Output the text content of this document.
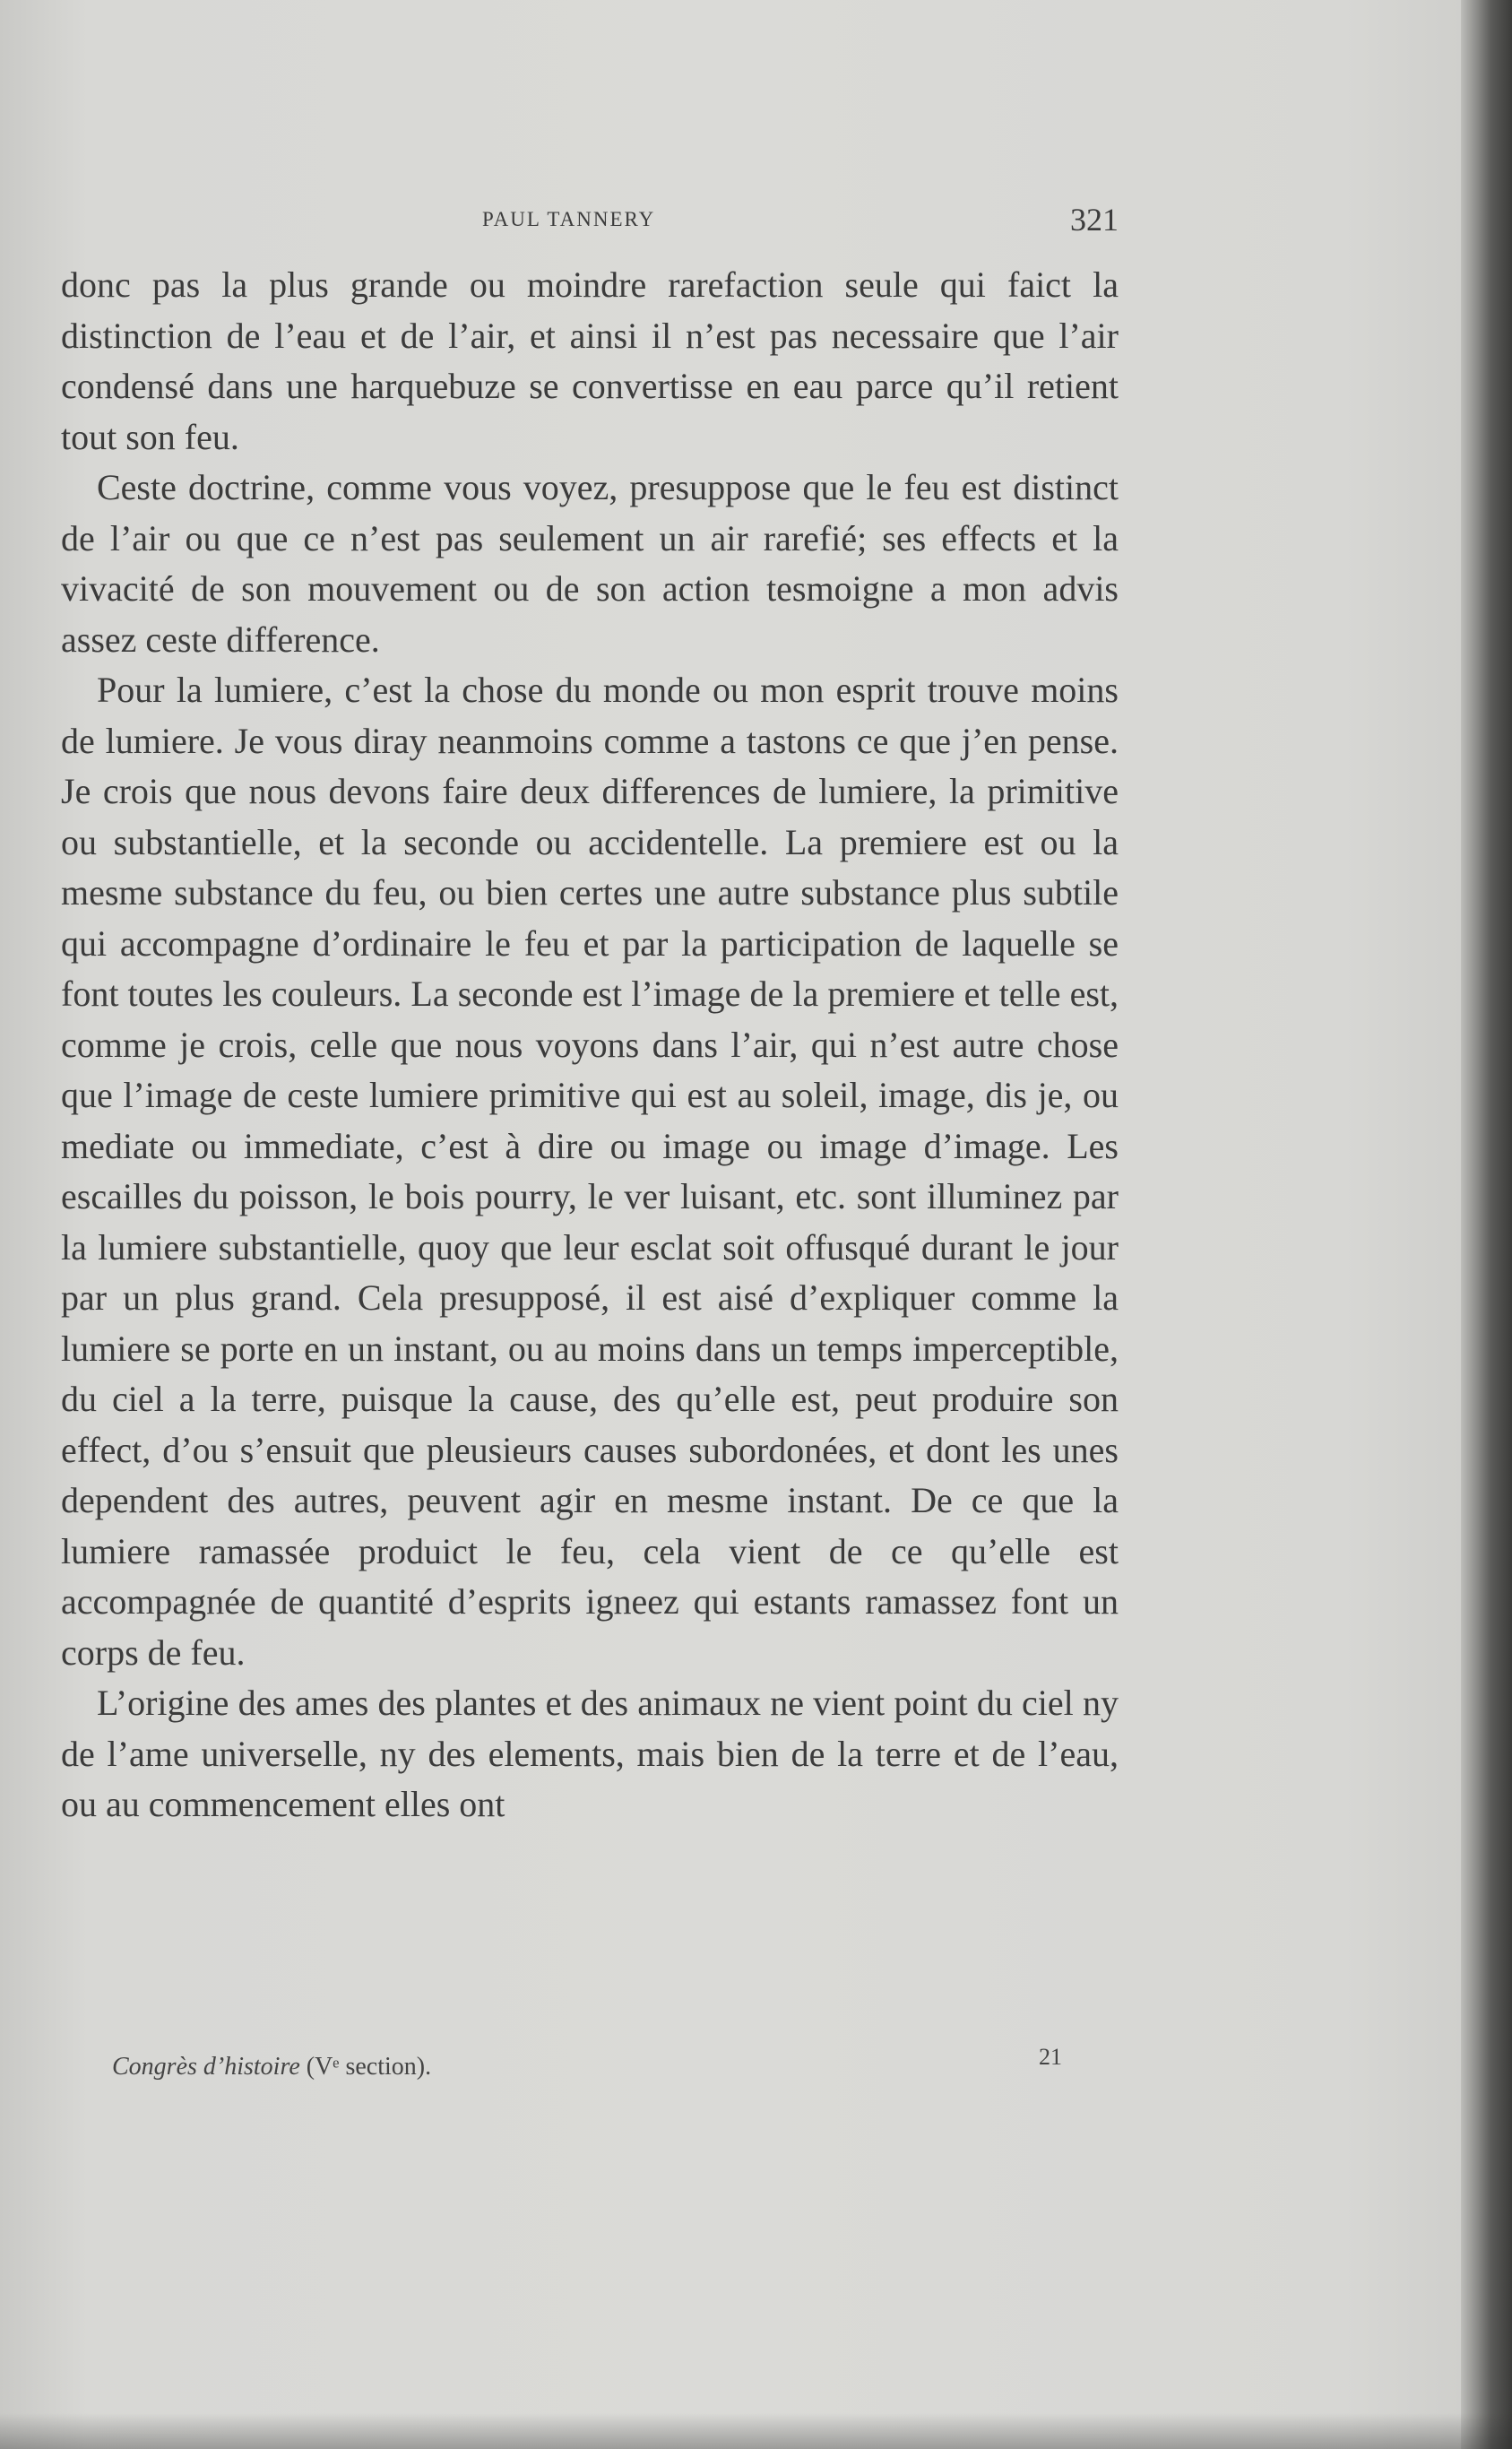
PAUL TANNERY	321

donc pas la plus grande ou moindre rarefaction seule qui faict la distinction de l’eau et de l’air, et ainsi il n’est pas necessaire que l’air condensé dans une harquebuze se convertisse en eau parce qu’il retient tout son feu.

Ceste doctrine, comme vous voyez, presuppose que le feu est distinct de l’air ou que ce n’est pas seulement un air rarefié; ses effects et la vivacité de son mouvement ou de son action tesmoigne a mon advis assez ceste difference.

Pour la lumiere, c’est la chose du monde ou mon esprit trouve moins de lumiere. Je vous diray neanmoins comme a tastons ce que j’en pense. Je crois que nous devons faire deux differences de lumiere, la primitive ou substantielle, et la seconde ou accidentelle. La premiere est ou la mesme substance du feu, ou bien certes une autre substance plus subtile qui accompagne d’ordinaire le feu et par la participation de laquelle se font toutes les couleurs. La seconde est l’image de la premiere et telle est, comme je crois, celle que nous voyons dans l’air, qui n’est autre chose que l’image de ceste lumiere primitive qui est au soleil, image, dis je, ou mediate ou immediate, c’est à dire ou image ou image d’image. Les escailles du poisson, le bois pourry, le ver luisant, etc. sont illuminez par la lumiere substantielle, quoy que leur esclat soit offusqué durant le jour par un plus grand. Cela presupposé, il est aisé d’expliquer comme la lumiere se porte en un instant, ou au moins dans un temps imperceptible, du ciel a la terre, puisque la cause, des qu’elle est, peut produire son effect, d’ou s’ensuit que pleusieurs causes subordonées, et dont les unes dependent des autres, peuvent agir en mesme instant. De ce que la lumiere ramassée produict le feu, cela vient de ce qu’elle est accompagnée de quantité d’esprits igneez qui estants ramassez font un corps de feu.

L’origine des ames des plantes et des animaux ne vient point du ciel ny de l’ame universelle, ny des elements, mais bien de la terre et de l’eau, ou au commencement elles ont

Congrès d’histoire (Vᵉ section).	21
